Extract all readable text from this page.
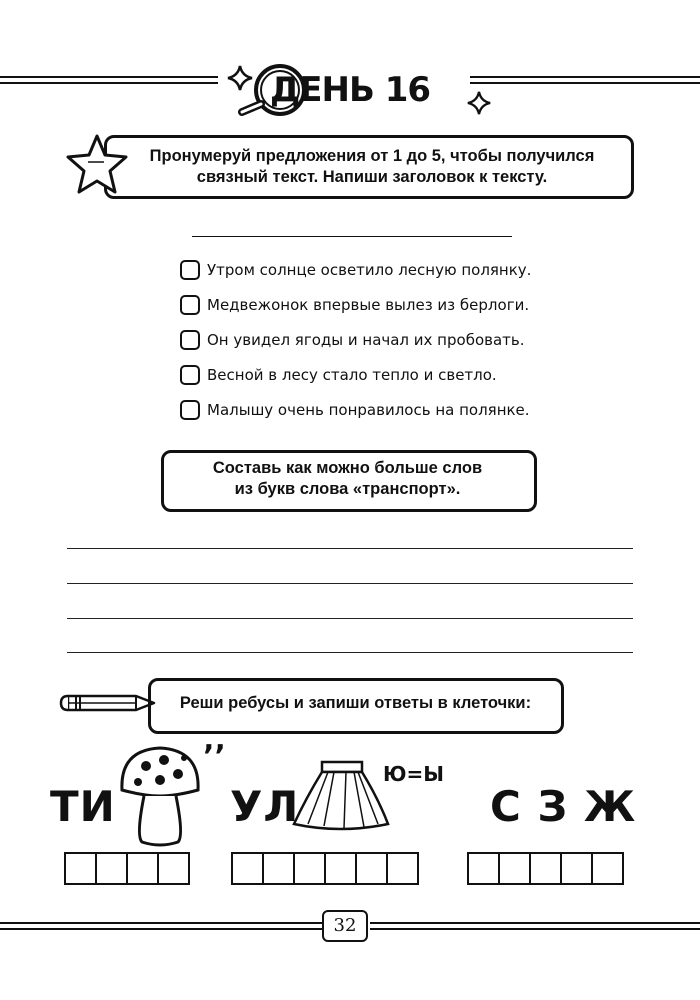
ДЕНЬ 16
Пронумеруй предложения от 1 до 5, чтобы получился связный текст. Напиши заголовок к тексту.
Утром солнце осветило лесную полянку.
Медвежонок впервые вылез из берлоги.
Он увидел ягоды и начал их пробовать.
Весной в лесу стало тепло и светло.
Малышу очень понравилось на полянке.
Составь как можно больше слов из букв слова «транспорт».
Реши ребусы и запиши ответы в клеточки:
ТИ
’’
УЛ
Ю=Ы
С З Ж
32
